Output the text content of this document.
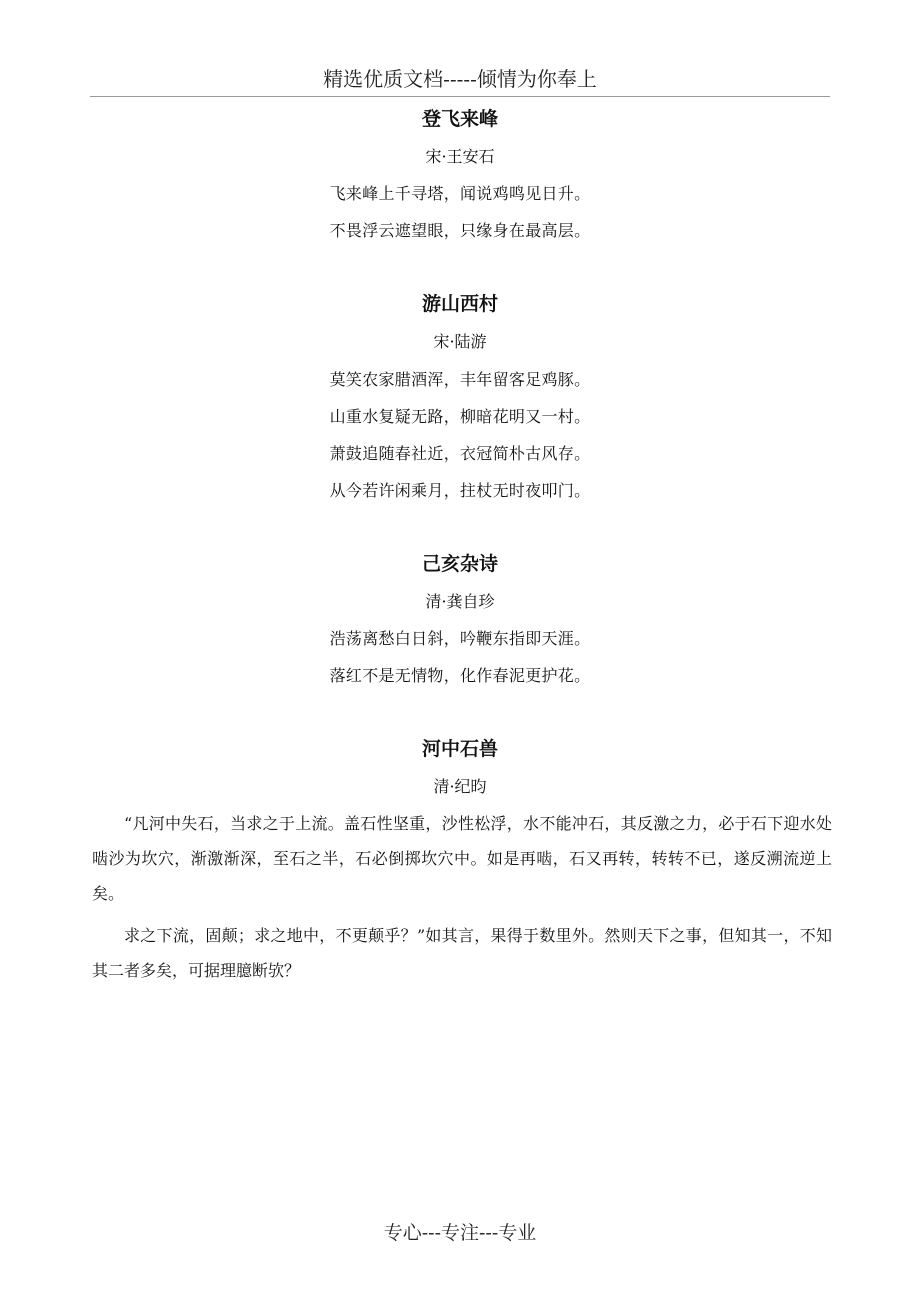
精选优质文档-----倾情为你奉上
登飞来峰
宋·王安石
飞来峰上千寻塔，闻说鸡鸣见日升。
不畏浮云遮望眼，只缘身在最高层。
游山西村
宋·陆游
莫笑农家腊酒浑，丰年留客足鸡豚。
山重水复疑无路，柳暗花明又一村。
萧鼓追随春社近，衣冠简朴古风存。
从今若许闲乘月，拄杖无时夜叩门。
己亥杂诗
清·龚自珍
浩荡离愁白日斜，吟鞭东指即天涯。
落红不是无情物，化作春泥更护花。
河中石兽
清·纪昀

“凡河中失石，当求之于上流。盖石性坚重，沙性松浮，水不能冲石，其反激之力，必于石下迎水处啮沙为坎穴，渐激渐深，至石之半，石必倒掷坎穴中。如是再啮，石又再转，转转不已，遂反溯流逆上矣。

求之下流，固颠；求之地中，不更颠乎？”如其言，果得于数里外。然则天下之事，但知其一，不知其二者多矣，可据理臆断欤？

专心---专注---专业
